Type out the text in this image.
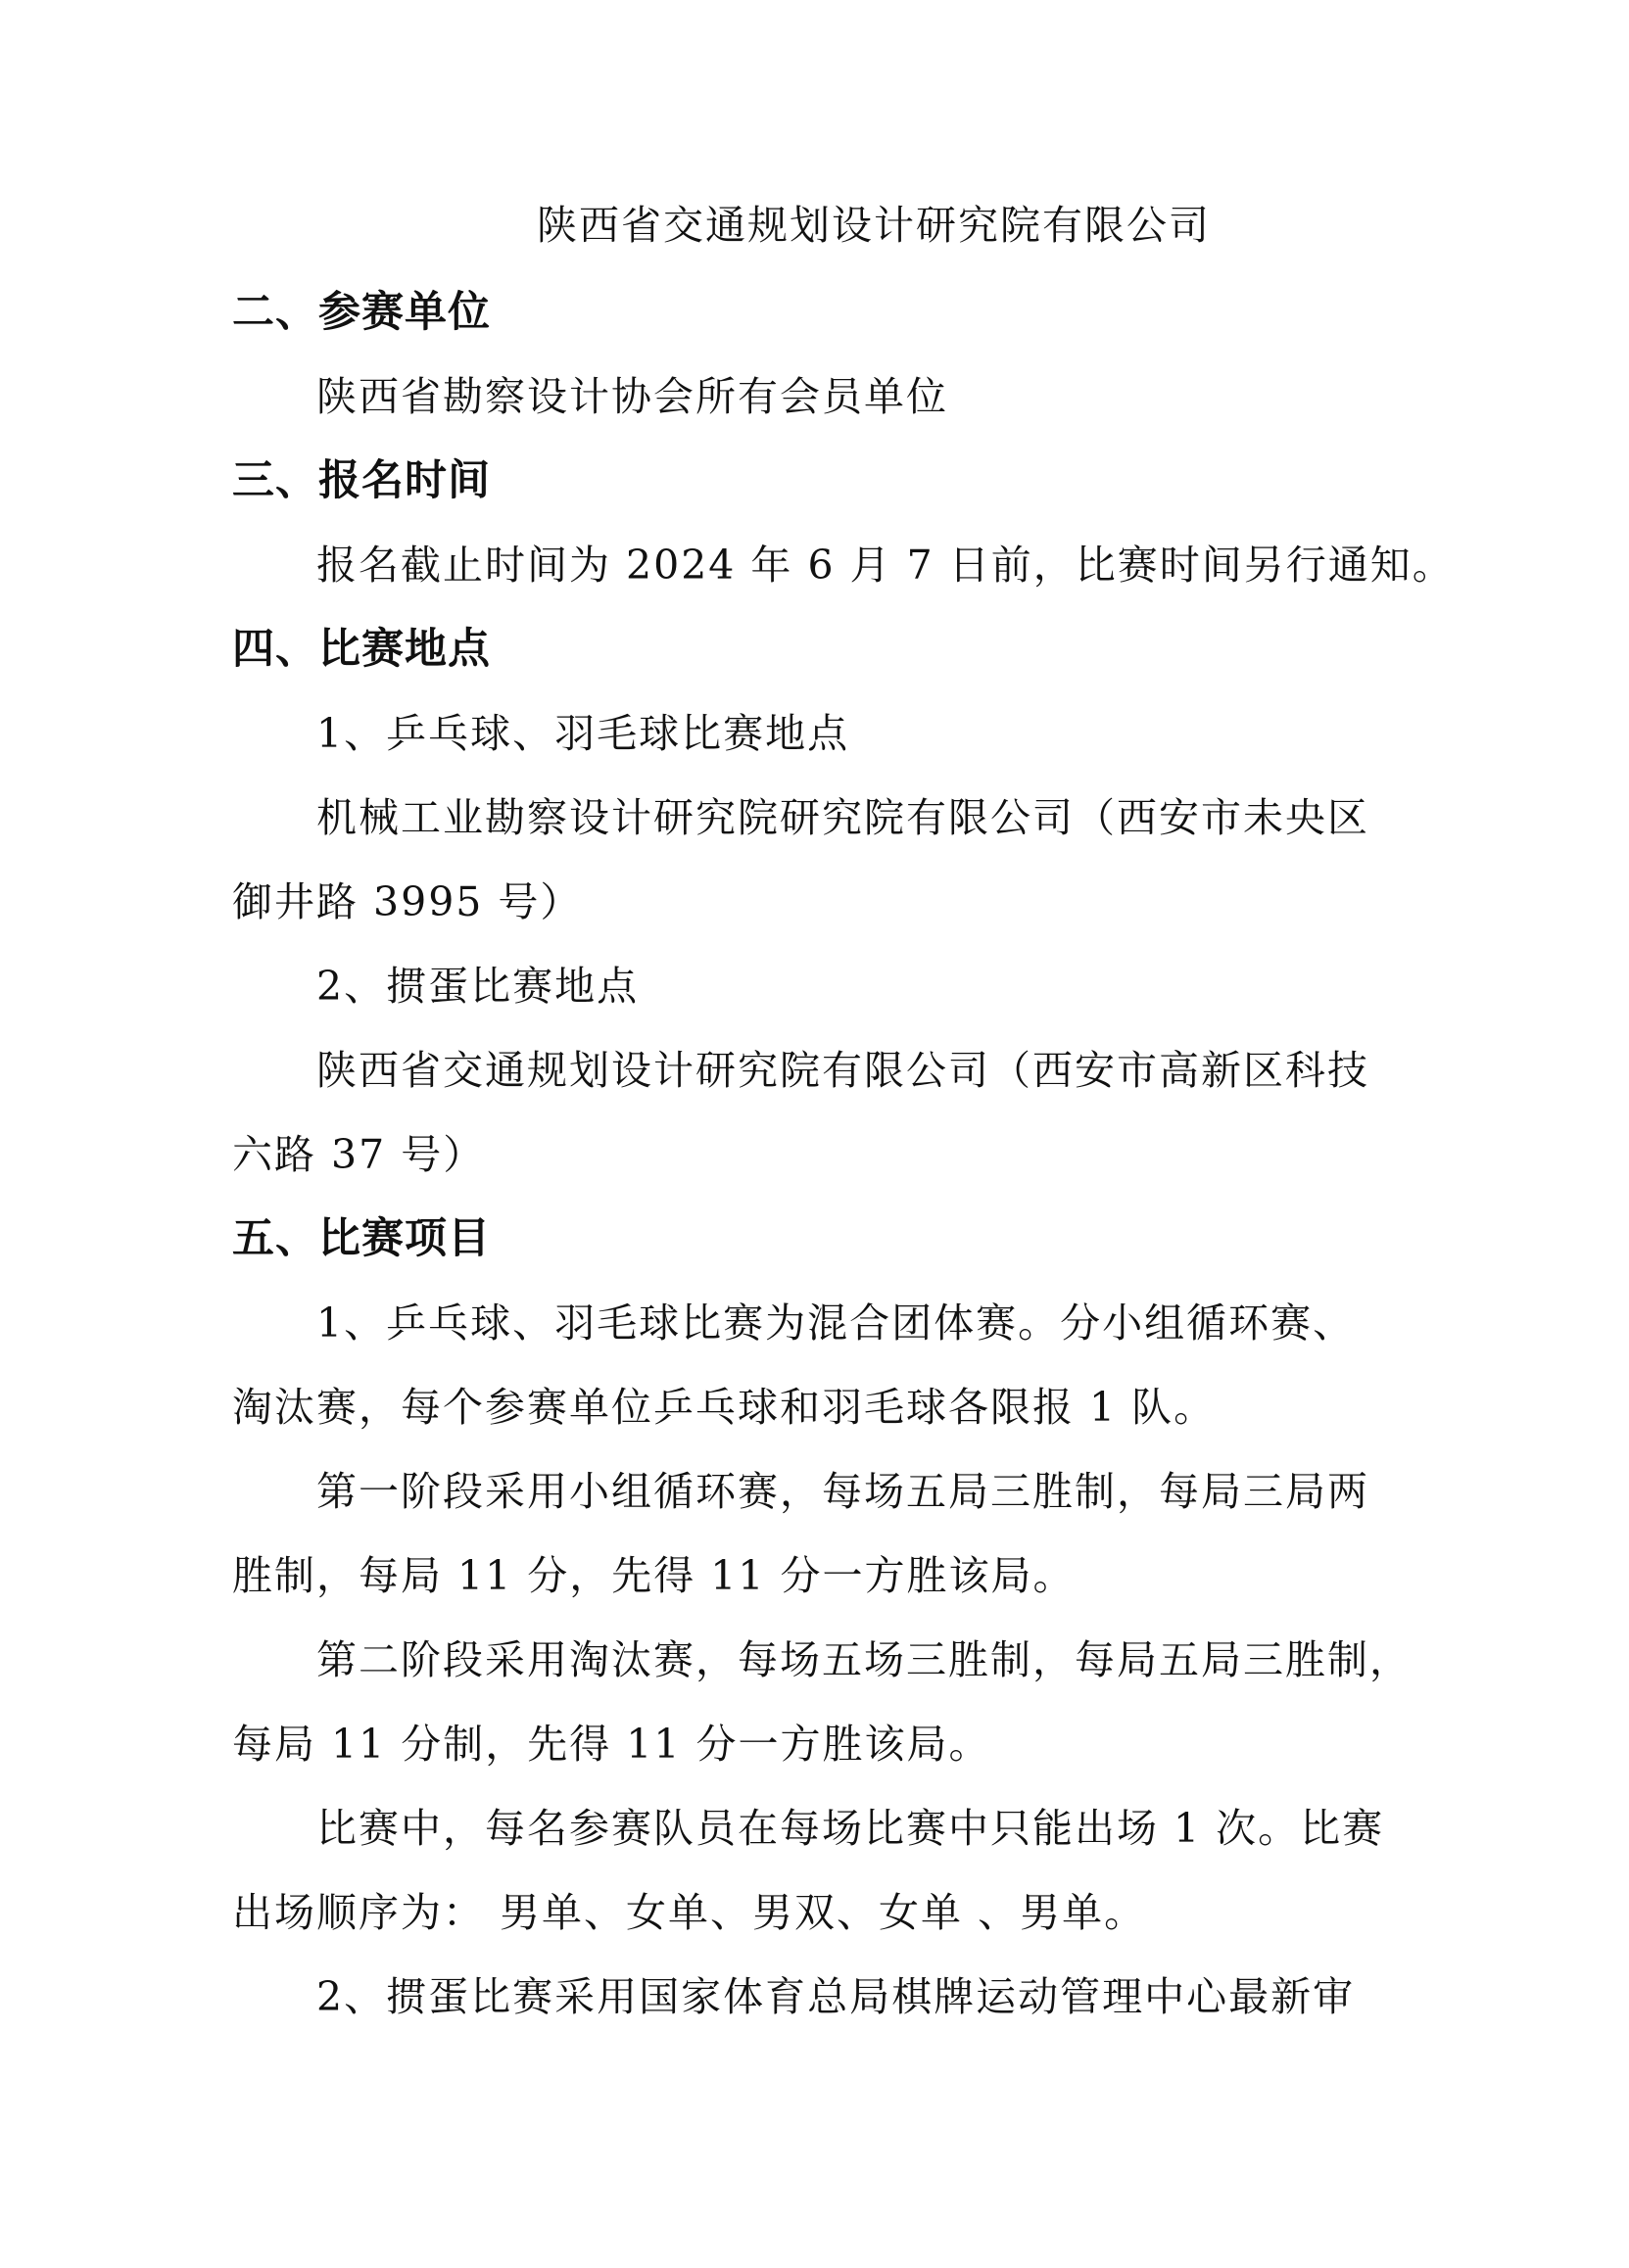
陕西省交通规划设计研究院有限公司
二、参赛单位
陕西省勘察设计协会所有会员单位
三、报名时间
报名截止时间为 2024 年 6 月 7 日前，比赛时间另行通知。
四、比赛地点
1、乒乓球、羽毛球比赛地点
机械工业勘察设计研究院研究院有限公司（西安市未央区
御井路 3995 号）
2、掼蛋比赛地点
陕西省交通规划设计研究院有限公司（西安市高新区科技
六路 37 号）
五、比赛项目
1、乒乓球、羽毛球比赛为混合团体赛。分小组循环赛、
淘汰赛，每个参赛单位乒乓球和羽毛球各限报 1 队。
第一阶段采用小组循环赛，每场五局三胜制，每局三局两
胜制，每局 11 分，先得 11 分一方胜该局。
第二阶段采用淘汰赛，每场五场三胜制，每局五局三胜制，
每局 11 分制，先得 11 分一方胜该局。
比赛中，每名参赛队员在每场比赛中只能出场 1 次。比赛
出场顺序为： 男单、女单、男双、女单 、男单。
2、掼蛋比赛采用国家体育总局棋牌运动管理中心最新审
